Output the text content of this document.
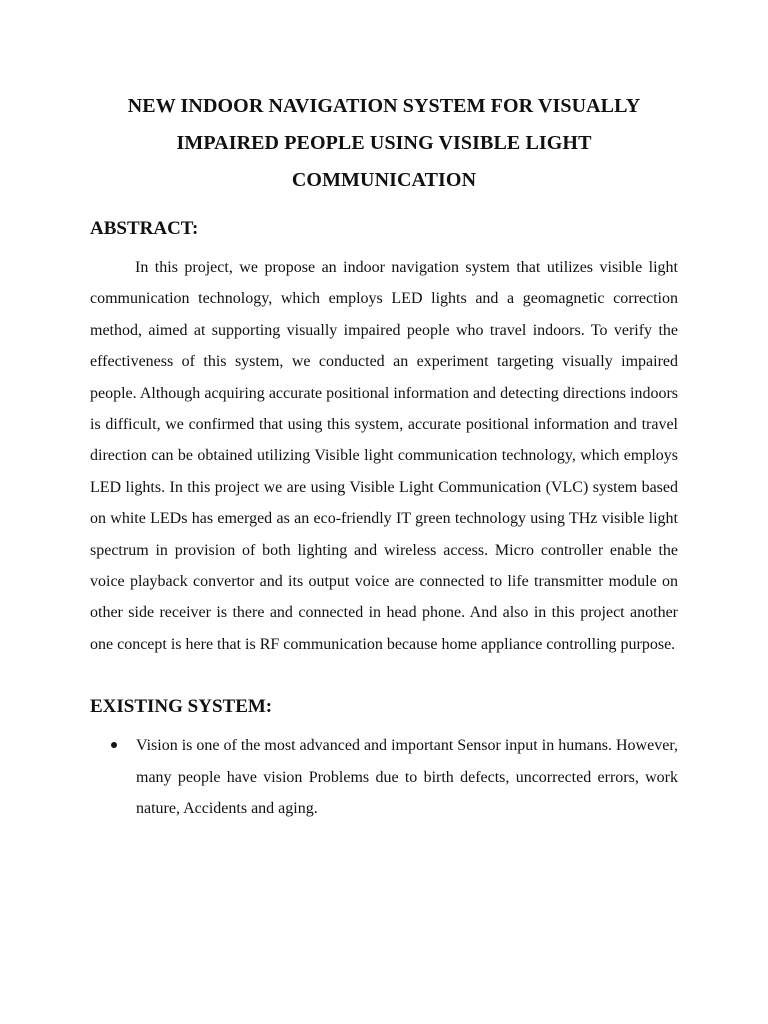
NEW INDOOR NAVIGATION SYSTEM FOR VISUALLY IMPAIRED PEOPLE USING VISIBLE LIGHT COMMUNICATION
ABSTRACT:

In this project, we propose an indoor navigation system that utilizes visible light communication technology, which employs LED lights and a geomagnetic correction method, aimed at supporting visually impaired people who travel indoors. To verify the effectiveness of this system, we conducted an experiment targeting visually impaired people. Although acquiring accurate positional information and detecting directions indoors is difficult, we confirmed that using this system, accurate positional information and travel direction can be obtained utilizing Visible light communication technology, which employs LED lights. In this project we are using Visible Light Communication (VLC) system based on white LEDs has emerged as an eco-friendly IT green technology using THz visible light spectrum in provision of both lighting and wireless access. Micro controller enable the voice playback convertor and its output voice are connected to life transmitter module on other side receiver is there and connected in head phone. And also in this project another one concept is here that is RF communication because home appliance controlling purpose.

EXISTING SYSTEM:
Vision is one of the most advanced and important Sensor input in humans. However, many people have vision Problems due to birth defects, uncorrected errors, work nature, Accidents and aging.
